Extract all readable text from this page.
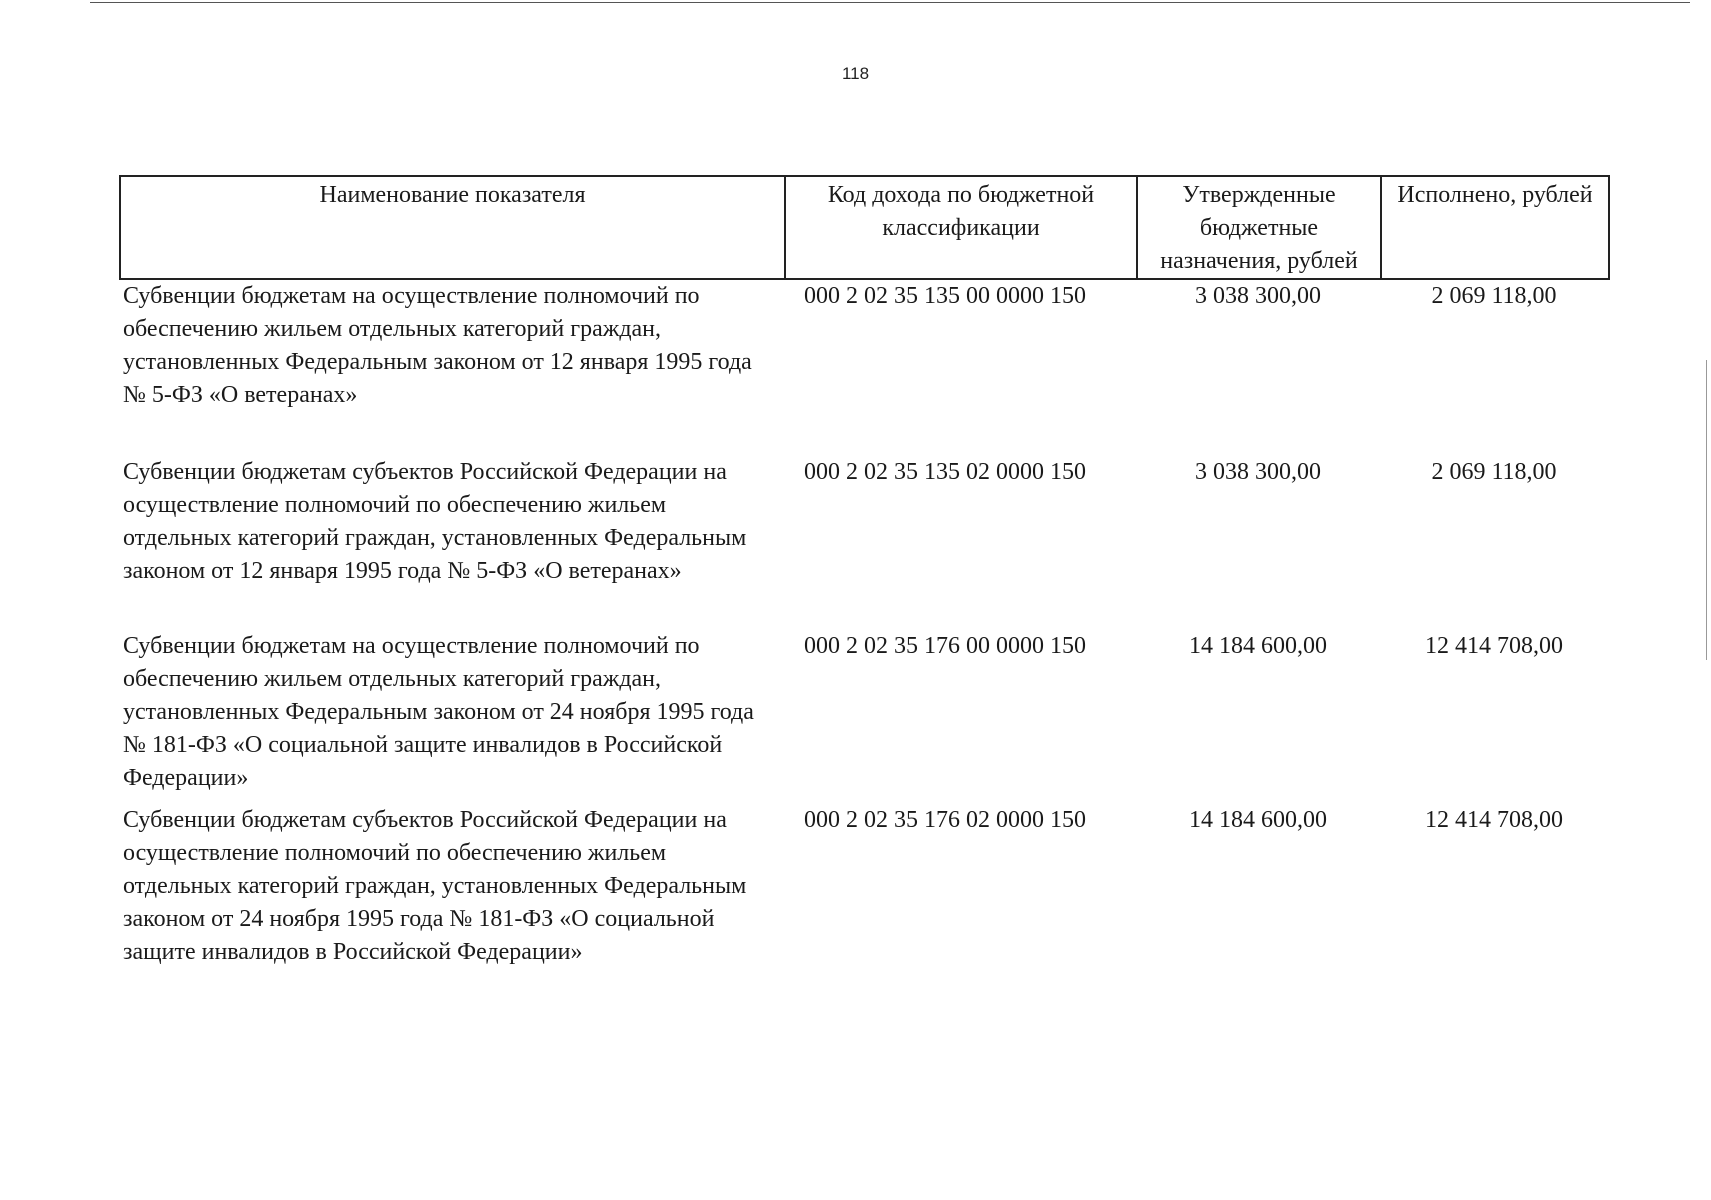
118
Наименование показателя	Код дохода по бюджетной классификации	Утвержденные бюджетные назначения, рублей	Исполнено, рублей
Субвенции бюджетам на осуществление полномочий по обеспечению жильем отдельных категорий граждан, установленных Федеральным законом от 12 января 1995 года № 5-ФЗ «О ветеранах»	000 2 02 35 135 00 0000 150	3 038 300,00	2 069 118,00
Субвенции бюджетам субъектов Российской Федерации на осуществление полномочий по обеспечению жильем отдельных категорий граждан, установленных Федеральным законом от 12 января 1995 года № 5-ФЗ «О ветеранах»	000 2 02 35 135 02 0000 150	3 038 300,00	2 069 118,00
Субвенции бюджетам на осуществление полномочий по обеспечению жильем отдельных категорий граждан, установленных Федеральным законом от 24 ноября 1995 года № 181-ФЗ «О социальной защите инвалидов в Российской Федерации»	000 2 02 35 176 00 0000 150	14 184 600,00	12 414 708,00
Субвенции бюджетам субъектов Российской Федерации на осуществление полномочий по обеспечению жильем отдельных категорий граждан, установленных Федеральным законом от 24 ноября 1995 года № 181-ФЗ «О социальной защите инвалидов в Российской Федерации»	000 2 02 35 176 02 0000 150	14 184 600,00	12 414 708,00
